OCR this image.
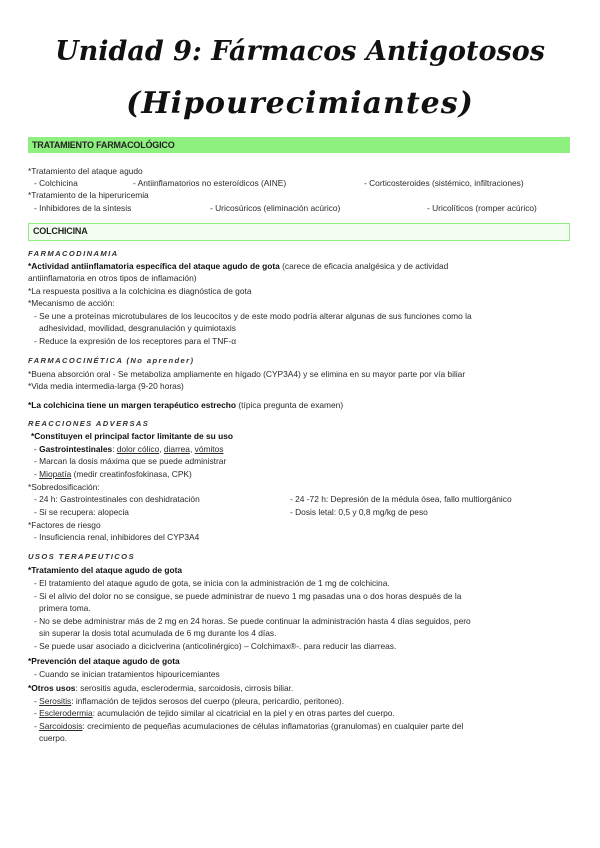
Unidad 9: Fármacos Antigotosos
(Hipourecimiantes)
TRATAMIENTO FARMACOLÓGICO
*Tratamiento del ataque agudo
- Colchicina	- Antiinflamatorios no esteroídicos (AINE)	- Corticosteroides (sistémico, infiltraciones)
*Tratamiento de la hiperuricemia
- Inhibidores de la síntesis	- Uricosúricos (eliminación acúrico)	- Uricolíticos (romper acúrico)
COLCHICINA
FARMACODINAMIA
*Actividad antiinflamatoria específica del ataque agudo de gota (carece de eficacia analgésica y de actividad
antiinflamatoria en otros tipos de inflamación)
*La respuesta positiva a la colchicina es diagnóstica de gota
*Mecanismo de acción:
- Se une a proteínas microtubulares de los leucocitos y de este modo podría alterar algunas de sus funciones como la
adhesividad, movilidad, desgranulación y quimiotaxis
- Reduce la expresión de los receptores para el TNF-α
FARMACOCINÉTICA (No aprender)
*Buena absorción oral - Se metaboliza ampliamente en hígado (CYP3A4) y se elimina en su mayor parte por vía biliar
*Vida media intermedia-larga (9-20 horas)
*La colchicina tiene un margen terapéutico estrecho (típica pregunta de examen)
REACCIONES ADVERSAS
*Constituyen el principal factor limitante de su uso
- Gastrointestinales: dolor cólico, diarrea, vómitos
- Marcan la dosis máxima que se puede administrar
- Miopatía (medir creatinfosfokinasa, CPK)
*Sobredosificación:
- 24 h: Gastrointestinales con deshidratación	- 24 -72 h: Depresión de la médula ósea, fallo multiorgánico
- Si se recupera: alopecia	- Dosis letal: 0,5 y 0,8 mg/kg de peso
*Factores de riesgo
- Insuficiencia renal, inhibidores del CYP3A4
USOS TERAPEUTICOS
*Tratamiento del ataque agudo de gota
- El tratamiento del ataque agudo de gota, se inicia con la administración de 1 mg de colchicina.
- Si el alivio del dolor no se consigue, se puede administrar de nuevo 1 mg pasadas una o dos horas después de la
primera toma.
- No se debe administrar más de 2 mg en 24 horas. Se puede continuar la administración hasta 4 días seguidos, pero
sin superar la dosis total acumulada de 6 mg durante los 4 días.
- Se puede usar asociado a diciclverina (anticolinérgico) – Colchimax®-. para reducir las diarreas.
*Prevención del ataque agudo de gota
- Cuando se inician tratamientos hipouricemiantes
*Otros usos: serositis aguda, esclerodermia, sarcoidosis, cirrosis biliar.
- Serositis: inflamación de tejidos serosos del cuerpo (pleura, pericardio, peritoneo).
- Esclerodermia: acumulación de tejido similar al cicatricial en la piel y en otras partes del cuerpo.
- Sarcoidosis: crecimiento de pequeñas acumulaciones de células inflamatorias (granulomas) en cualquier parte del
cuerpo.
